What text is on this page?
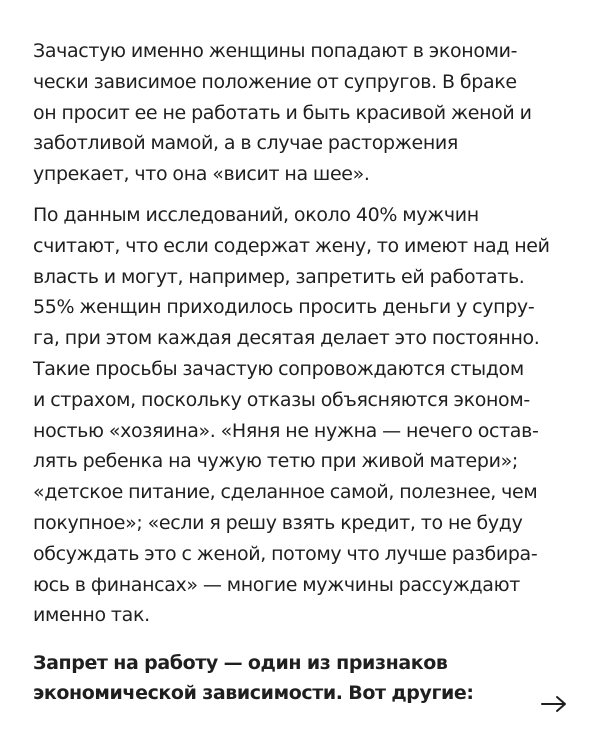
Зачастую именно женщины попадают в экономи-
чески зависимое положение от супругов. В браке
он просит ее не работать и быть красивой женой и
заботливой мамой, а в случае расторжения
упрекает, что она «висит на шее».
По данным исследований, около 40% мужчин
считают, что если содержат жену, то имеют над ней
власть и могут, например, запретить ей работать.
55% женщин приходилось просить деньги у супру-
га, при этом каждая десятая делает это постоянно.
Такие просьбы зачастую сопровождаются стыдом
и страхом, поскольку отказы объясняются эконом-
ностью «хозяина». «Няня не нужна — нечего остав-
лять ребенка на чужую тетю при живой матери»;
«детское питание, сделанное самой, полезнее, чем
покупное»; «если я решу взять кредит, то не буду
обсуждать это с женой, потому что лучше разбира-
юсь в финансах» — многие мужчины рассуждают
именно так.
Запрет на работу — один из признаков
экономической зависимости. Вот другие:
